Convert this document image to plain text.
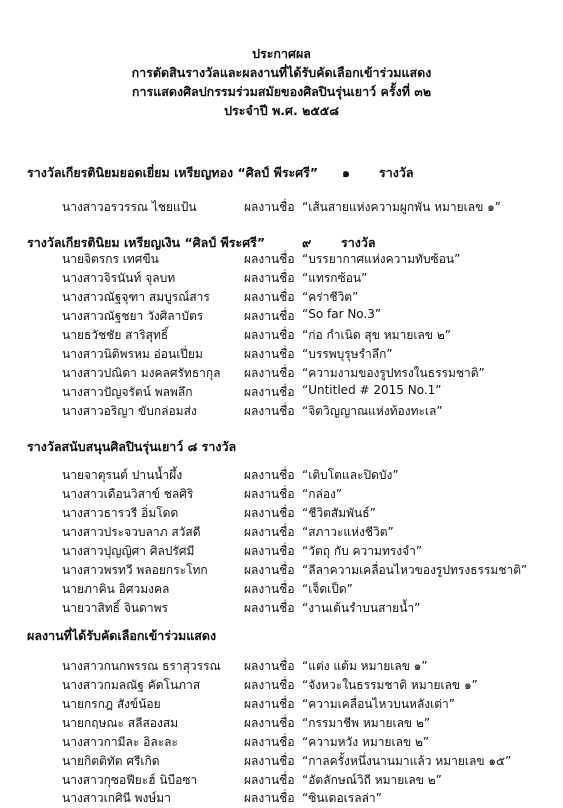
ประกาศผล
การตัดสินรางวัลและผลงานที่ได้รับคัดเลือกเข้าร่วมแสดง
การแสดงศิลปกรรมร่วมสมัยของศิลปินรุ่นเยาว์ ครั้งที่ ๓๒
ประจำปี พ.ศ. ๒๕๕๘
รางวัลเกียรตินิยมยอดเยี่ยม เหรียญทอง “ศิลป์ พีระศรี” ๑ รางวัล
นางสาวอรวรรณ ไชยแป้น	ผลงานชื่อ “เส้นสายแห่งความผูกพัน หมายเลข ๑”
รางวัลเกียรตินิยม เหรียญเงิน “ศิลป์ พีระศรี”	๙ รางวัล
นายจิตรกร เทศขืน	ผลงานชื่อ “บรรยากาศแห่งความทับซ้อน”
นางสาวจิรนันท์ จุลบท	ผลงานชื่อ “แทรกซ้อน”
นางสาวณัฐจุฑา สมบูรณ์สาร	ผลงานชื่อ “คร่าชีวิต”
นางสาวณัฐชยา วังศิลาบัตร	ผลงานชื่อ “So far No.3”
นายธวัชชัย สาริสุทธิ์	ผลงานชื่อ “ก่อ กำเนิด สุข หมายเลข ๒”
นางสาวนิติพรหม อ่อนเปี่ยม	ผลงานชื่อ “บรรพบุรุษรำลึก”
นางสาวปณิดา มงคลศรัทธากุล ผลงานชื่อ “ความงามของรูปทรงในธรรมชาติ”
นางสาวปัญจรัตน์ พลพลึก	ผลงานชื่อ “Untitled # 2015 No.1”
นางสาวอริญา ขับกล่อมส่ง	ผลงานชื่อ “จิตวิญญาณแห่งท้องทะเล”
รางวัลสนับสนุนศิลปินรุ่นเยาว์ ๘ รางวัล
นายจาตุรนต์ ปานน้ำผึ้ง	ผลงานชื่อ “เติบโตและปิดบัง”
นางสาวเดือนวิสาข์ ชลศิริ	ผลงานชื่อ “กล่อง”
นางสาวธารวรี อิ่มโดด	ผลงานชื่อ “ชีวิตสัมพันธ์”
นางสาวประจวบลาภ สวัสดี	ผลงานชื่อ “สภาวะแห่งชีวิต”
นางสาวปุญญิศา ศิลปรัศมี	ผลงานชื่อ “วัตถุ กับ ความทรงจำ”
นางสาวพรทวี พลอยกระโทก	ผลงานชื่อ “ลีลาความเคลื่อนไหวของรูปทรงธรรมชาติ”
นายภาคิน อิศวมงคล	ผลงานชื่อ “เจ็ดเป็ด”
นายวาสิทธิ์ จินดาพร	ผลงานชื่อ “งานเต้นรำบนสายน้ำ”
ผลงานที่ได้รับคัดเลือกเข้าร่วมแสดง
นางสาวกนกพรรณ ธราสุวรรณ ผลงานชื่อ “แต่ง แต้ม หมายเลข ๑”
นางสาวกมลณัฐ คัดโนภาส	ผลงานชื่อ “จังหวะในธรรมชาติ หมายเลข ๑”
นายกรกฎ สังข์น้อย	ผลงานชื่อ “ความเคลื่อนไหวบนหลังเต่า”
นายกฤษณะ สลีสองสม	ผลงานชื่อ “กรรมาชีพ หมายเลข ๒”
นางสาวกามีละ อิละละ	ผลงานชื่อ “ความหวัง หมายเลข ๒”
นายกิตติทัต ศรีเกิด	ผลงานชื่อ “กาลครั้งหนึ่งนานมาแล้ว หมายเลข ๑๕”
นางสาวกุซอฟียะฮ์ นิบือซา	ผลงานชื่อ “อัตลักษณ์วิถี หมายเลข ๒”
นางสาวเกศินี พงษ์มา	ผลงานชื่อ “ซินเดอเรลล่า”
